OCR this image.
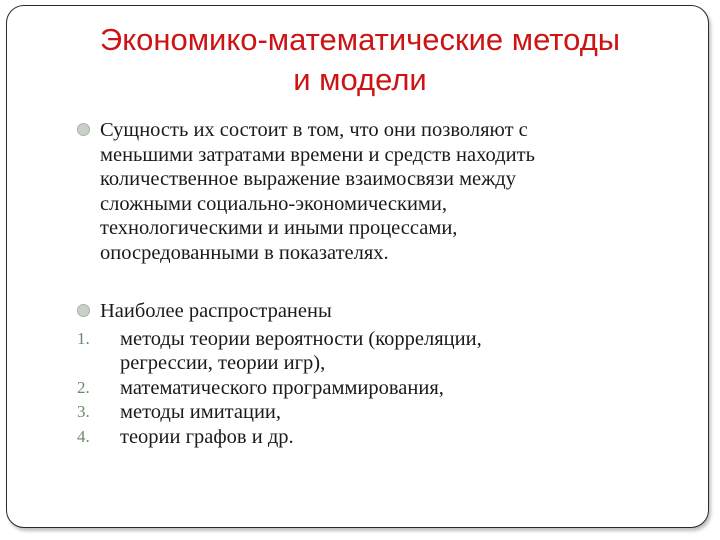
Экономико-математические методы
и модели
Сущность их состоит в том, что они позволяют с
меньшими затратами времени и средств находить
количественное выражение взаимосвязи между
сложными социально-экономическими,
технологическими и иными процессами,
опосредованными в показателях.
Наиболее распространены
1. методы теории вероятности (корреляции,
регрессии, теории игр),
2. математического программирования,
3. методы имитации,
4. теории графов и др.
